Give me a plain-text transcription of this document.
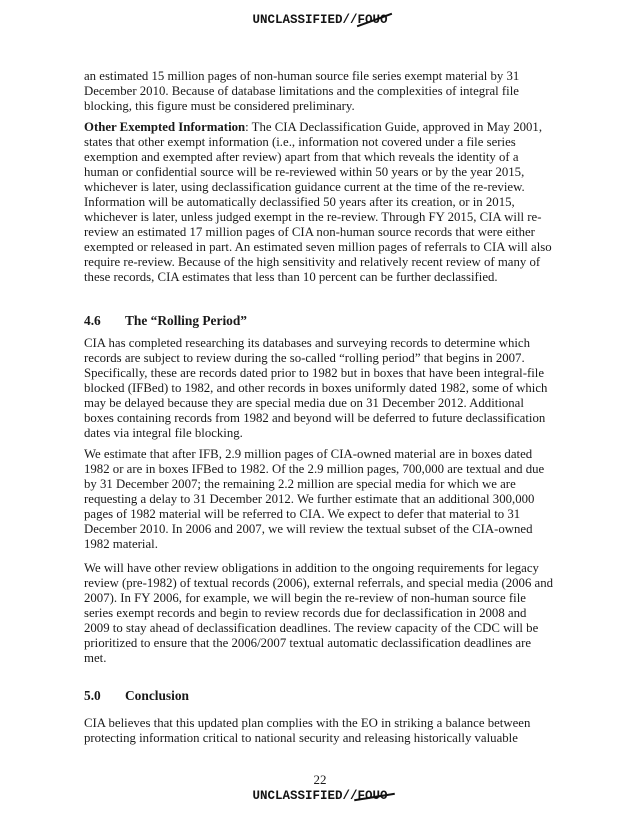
UNCLASSIFIED//FOUO

an estimated 15 million pages of non-human source file series exempt material by 31 December 2010. Because of database limitations and the complexities of integral file blocking, this figure must be considered preliminary.

Other Exempted Information: The CIA Declassification Guide, approved in May 2001, states that other exempt information (i.e., information not covered under a file series exemption and exempted after review) apart from that which reveals the identity of a human or confidential source will be re-reviewed within 50 years or by the year 2015, whichever is later, using declassification guidance current at the time of the re-review. Information will be automatically declassified 50 years after its creation, or in 2015, whichever is later, unless judged exempt in the re-review. Through FY 2015, CIA will re-review an estimated 17 million pages of CIA non-human source records that were either exempted or released in part. An estimated seven million pages of referrals to CIA will also require re-review. Because of the high sensitivity and relatively recent review of many of these records, CIA estimates that less than 10 percent can be further declassified.

4.6	The “Rolling Period”

CIA has completed researching its databases and surveying records to determine which records are subject to review during the so-called “rolling period” that begins in 2007. Specifically, these are records dated prior to 1982 but in boxes that have been integral-file blocked (IFBed) to 1982, and other records in boxes uniformly dated 1982, some of which may be delayed because they are special media due on 31 December 2012. Additional boxes containing records from 1982 and beyond will be deferred to future declassification dates via integral file blocking.

We estimate that after IFB, 2.9 million pages of CIA-owned material are in boxes dated 1982 or are in boxes IFBed to 1982. Of the 2.9 million pages, 700,000 are textual and due by 31 December 2007; the remaining 2.2 million are special media for which we are requesting a delay to 31 December 2012. We further estimate that an additional 300,000 pages of 1982 material will be referred to CIA. We expect to defer that material to 31 December 2010. In 2006 and 2007, we will review the textual subset of the CIA-owned 1982 material.

We will have other review obligations in addition to the ongoing requirements for legacy review (pre-1982) of textual records (2006), external referrals, and special media (2006 and 2007). In FY 2006, for example, we will begin the re-review of non-human source file series exempt records and begin to review records due for declassification in 2008 and 2009 to stay ahead of declassification deadlines. The review capacity of the CDC will be prioritized to ensure that the 2006/2007 textual automatic declassification deadlines are met.

5.0	Conclusion

CIA believes that this updated plan complies with the EO in striking a balance between protecting information critical to national security and releasing historically valuable

22
UNCLASSIFIED//FOUO
